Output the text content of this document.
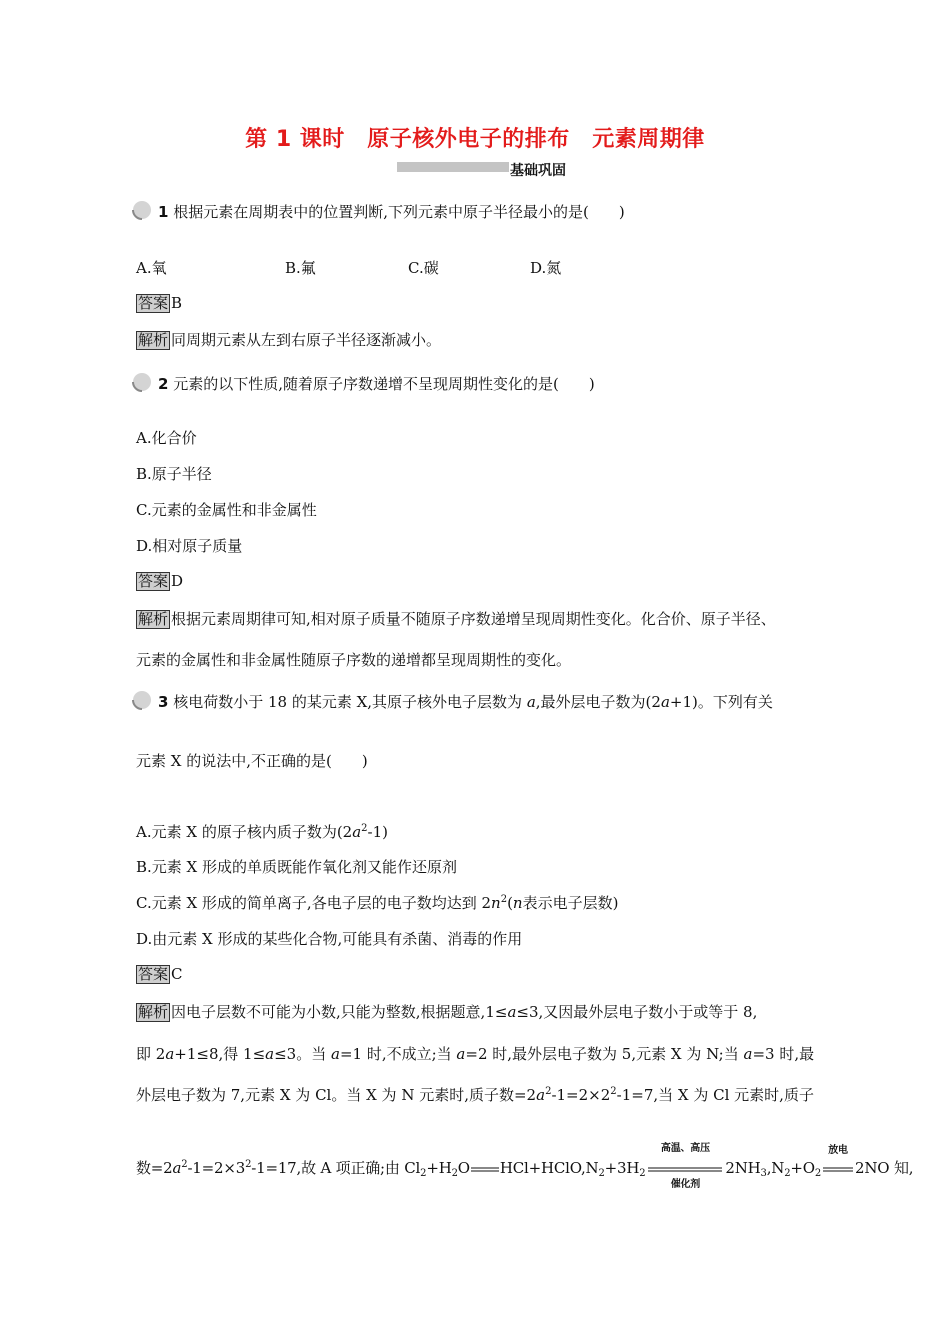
第 1 课时　原子核外电子的排布　元素周期律
基础巩固
1 根据元素在周期表中的位置判断,下列元素中原子半径最小的是(　　)
A.氧	B.氟	C.碳	D.氮
答案 B
解析 同周期元素从左到右原子半径逐渐减小。
2 元素的以下性质,随着原子序数递增不呈现周期性变化的是(　　)
A.化合价
B.原子半径
C.元素的金属性和非金属性
D.相对原子质量
答案 D
解析 根据元素周期律可知,相对原子质量不随原子序数递增呈现周期性变化。化合价、原子半径、
元素的金属性和非金属性随原子序数的递增都呈现周期性的变化。
3 核电荷数小于 18 的某元素 X,其原子核外电子层数为 a,最外层电子数为(2a+1)。下列有关
元素 X 的说法中,不正确的是(　　)
A.元素 X 的原子核内质子数为$(2a^2-1)$
B.元素 X 形成的单质既能作氧化剂又能作还原剂
C.元素 X 形成的简单离子,各电子层的电子数均达到 $2n^2(n$表示电子层数)
D.由元素 X 形成的某些化合物,可能具有杀菌、消毒的作用
答案 C
解析 因电子层数不可能为小数,只能为整数,根据题意,1≤a≤3,又因最外层电子数小于或等于 8,
即 2a+1≤8,得 1≤a≤3。当 a=1 时,不成立;当 a=2 时,最外层电子数为 5,元素 X 为 N;当 a=3 时,最
外层电子数为 7,元素 X 为 Cl。当 X 为 N 元素时,质子数$=2a^2-1=2\times 2^2-1=7$,当 X 为 Cl 元素时,质子
数$=2a^2-1=2\times 3^2-1=17$,故 A 项正确;由 $Cl_2+H_2O$ $HCl+HClO,N_2+3H_2$
高温、高压
催化剂
$2NH_3,N_2+O_2$
放电
2NO 知,
